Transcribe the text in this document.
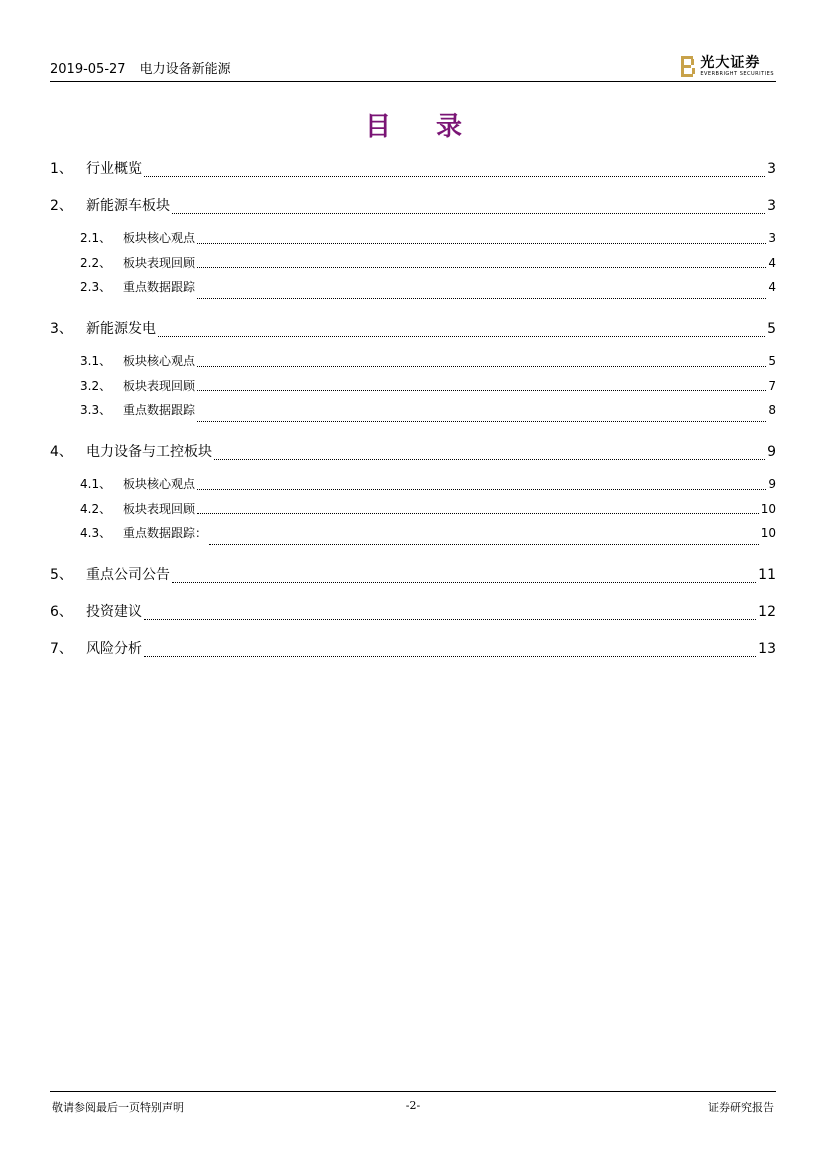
2019-05-27 电力设备新能源	光大证券
EVERBRIGHT SECURITIES
目 录
1、 行业概览	3
2、 新能源车板块	3
2.1、 板块核心观点	3
2.2、 板块表现回顾	4
2.3、 重点数据跟踪	4
3、 新能源发电	5
3.1、 板块核心观点	5
3.2、 板块表现回顾	7
3.3、 重点数据跟踪	8
4、 电力设备与工控板块	9
4.1、 板块核心观点	9
4.2、 板块表现回顾	10
4.3、 重点数据跟踪：	10
5、 重点公司公告	11
6、 投资建议	12
7、 风险分析	13
敬请参阅最后一页特别声明	-2-	证券研究报告
